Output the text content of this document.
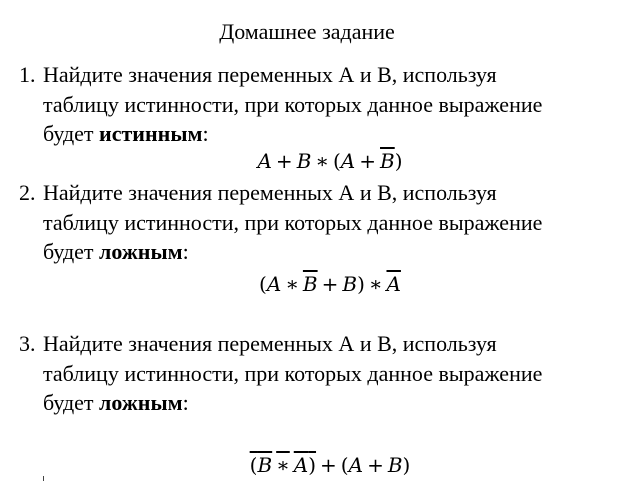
Домашнее задание
1. Найдите значения переменных А и В, используя
таблицу истинности, при которых данное выражение
будет истинным:
A + B ∗ $(A + \overline{B})$
2. Найдите значения переменных А и В, используя
таблицу истинности, при которых данное выражение
будет ложным:
(A ∗ $\overline{B} + B$) ∗ $\overline{A}$
3. Найдите значения переменных А и В, используя
таблицу истинности, при которых данное выражение
будет ложным:
(B ∗ A) + (A + B)
